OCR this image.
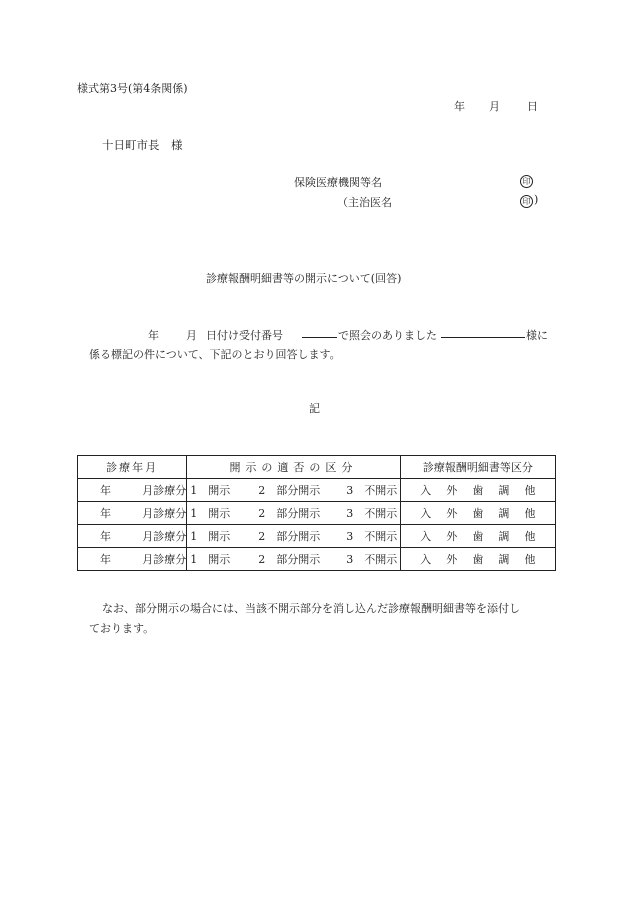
様式第3号(第4条関係)
年 月 日
十日町市長　様
保険医療機関等名	印
（主治医名	印 )
診療報酬明細書等の開示について(回答)
年 月 日付け受付番号	で照会のありました	様に
係る標記の件について、下記のとおり回答します。
記
診療年月	開示の適否の区分	診療報酬明細書等区分

年 月診療分	1　開示 2　部分開示 3　不開示	入 外 歯 調 他

年 月診療分	1　開示 2　部分開示 3　不開示	入 外 歯 調 他

年 月診療分	1　開示 2　部分開示 3　不開示	入 外 歯 調 他

年 月診療分	1　開示 2　部分開示 3　不開示	入 外 歯 調 他
なお、部分開示の場合には、当該不開示部分を消し込んだ診療報酬明細書等を添付し
ております。
